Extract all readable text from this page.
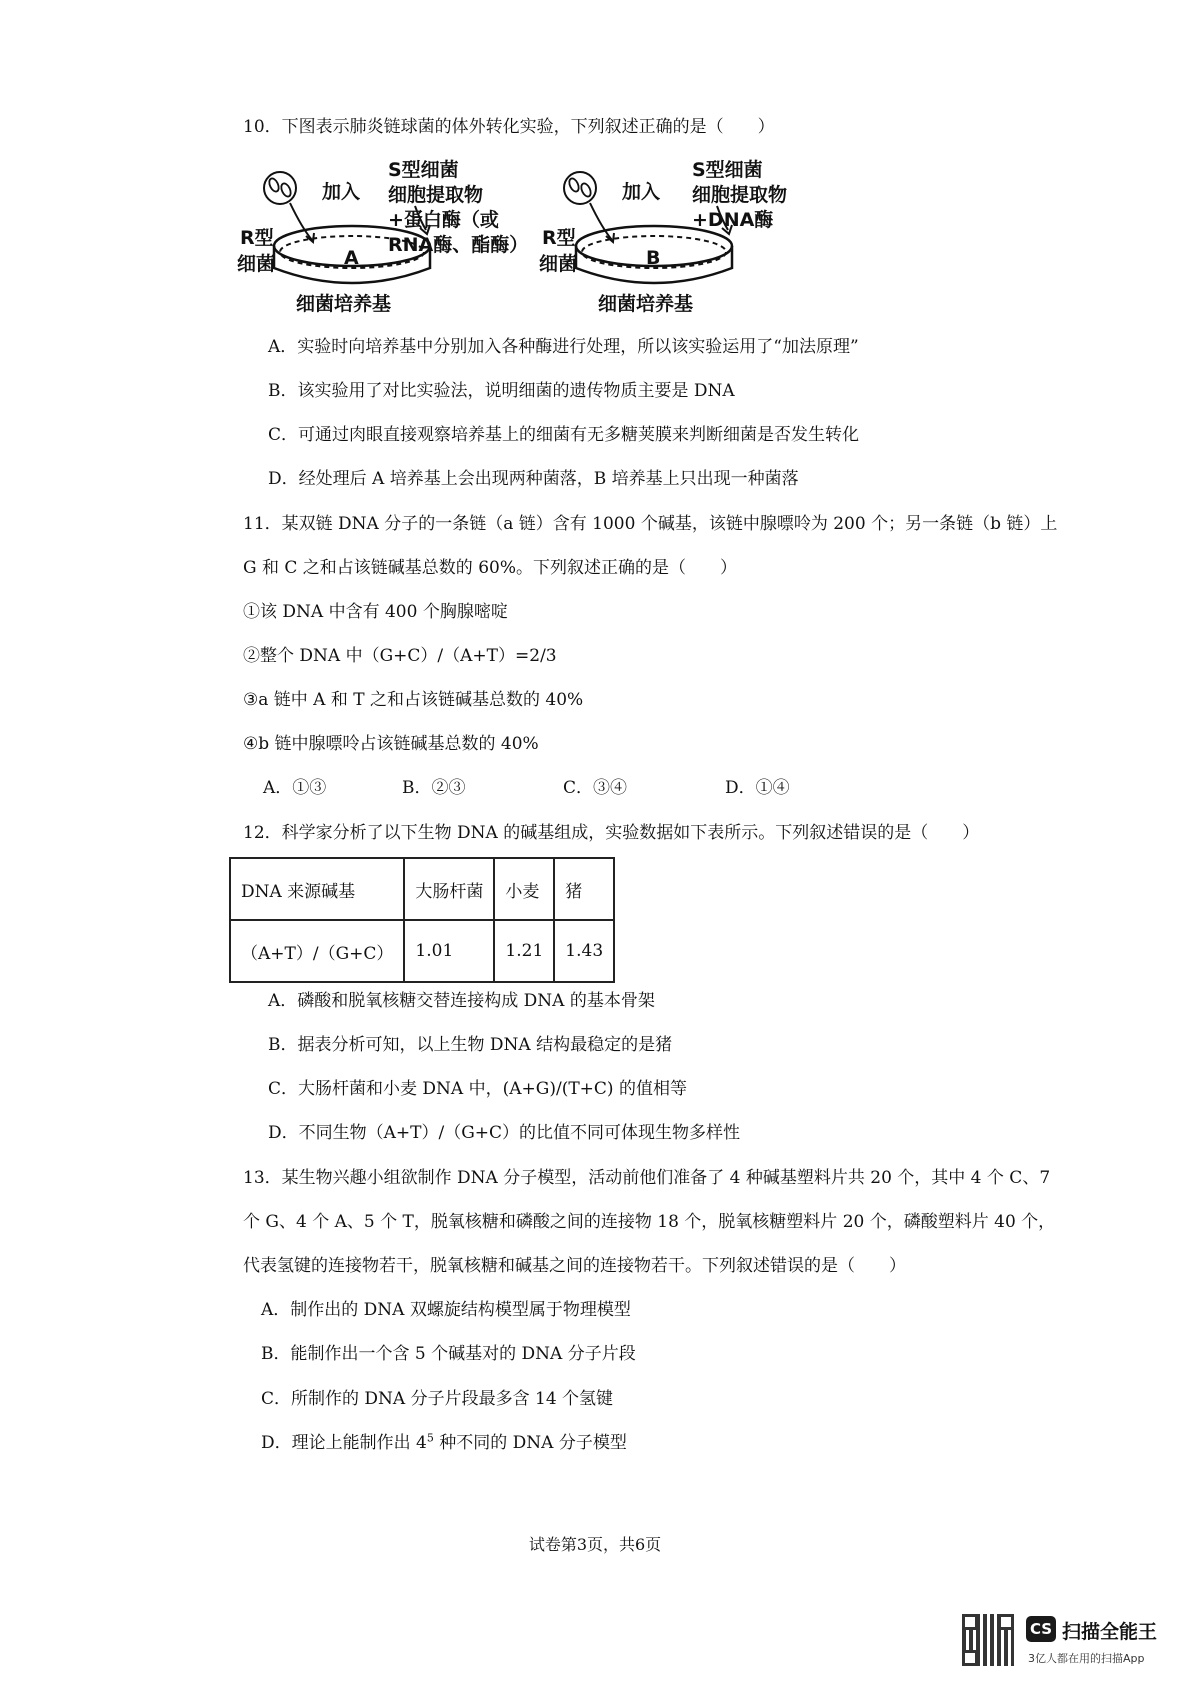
10．下图表示肺炎链球菌的体外转化实验，下列叙述正确的是（　　）
加入
R型
细菌	A
细菌培养基
S型细菌
细胞提取物
+蛋白酶（或
RNA酶、酯酶）
加入
R型
细菌	B
细菌培养基
S型细菌
细胞提取物
+DNA酶
A．实验时向培养基中分别加入各种酶进行处理，所以该实验运用了“加法原理”
B．该实验用了对比实验法，说明细菌的遗传物质主要是 DNA
C．可通过肉眼直接观察培养基上的细菌有无多糖荚膜来判断细菌是否发生转化
D．经处理后 A 培养基上会出现两种菌落，B 培养基上只出现一种菌落
11．某双链 DNA 分子的一条链（a 链）含有 1000 个碱基，该链中腺嘌呤为 200 个；另一条链（b 链）上
G 和 C 之和占该链碱基总数的 60%。下列叙述正确的是（　　）
①该 DNA 中含有 400 个胸腺嘧啶
②整个 DNA 中（G+C）/（A+T）=2/3
③a 链中 A 和 T 之和占该链碱基总数的 40%
④b 链中腺嘌呤占该链碱基总数的 40%
A．①③	B．②③	C．③④	D．①④
12．科学家分析了以下生物 DNA 的碱基组成，实验数据如下表所示。下列叙述错误的是（　　）
DNA 来源碱基	大肠杆菌	小麦	猪
（A+T）/（G+C）	1.01	1.21	1.43
A．磷酸和脱氧核糖交替连接构成 DNA 的基本骨架
B．据表分析可知，以上生物 DNA 结构最稳定的是猪
C．大肠杆菌和小麦 DNA 中，(A+G)/(T+C) 的值相等
D．不同生物（A+T）/（G+C）的比值不同可体现生物多样性
13．某生物兴趣小组欲制作 DNA 分子模型，活动前他们准备了 4 种碱基塑料片共 20 个，其中 4 个 C、7
个 G、4 个 A、5 个 T，脱氧核糖和磷酸之间的连接物 18 个，脱氧核糖塑料片 20 个，磷酸塑料片 40 个，
代表氢键的连接物若干，脱氧核糖和碱基之间的连接物若干。下列叙述错误的是（　　）
A．制作出的 DNA 双螺旋结构模型属于物理模型
B．能制作出一个含 5 个碱基对的 DNA 分子片段
C．所制作的 DNA 分子片段最多含 14 个氢键
D．理论上能制作出 $4^5$ 种不同的 DNA 分子模型
试卷第3页，共6页
CS 扫描全能王
3亿人都在用的扫描App
